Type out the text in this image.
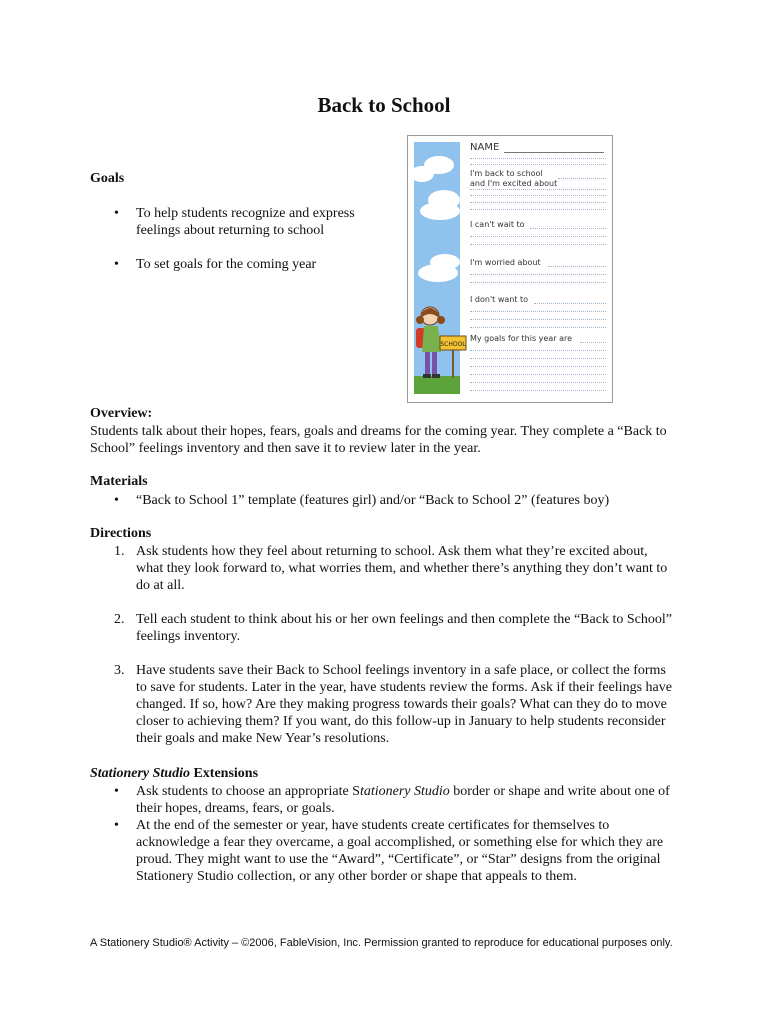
Back to School
Goals
• To help students recognize and express feelings about returning to school
• To set goals for the coming year
SCHOOL
NAME
I'm back to school and I'm excited about
I can't wait to
I'm worried about
I don't want to
My goals for this year are
Overview:
Students talk about their hopes, fears, goals and dreams for the coming year. They complete a “Back to School” feelings inventory and then save it to review later in the year.
Materials
• “Back to School 1” template (features girl) and/or “Back to School 2” (features boy)
Directions
1. Ask students how they feel about returning to school. Ask them what they’re excited about, what they look forward to, what worries them, and whether there’s anything they don’t want to do at all.
2. Tell each student to think about his or her own feelings and then complete the “Back to School” feelings inventory.
3. Have students save their Back to School feelings inventory in a safe place, or collect the forms to save for students. Later in the year, have students review the forms. Ask if their feelings have changed. If so, how? Are they making progress towards their goals? What can they do to move closer to achieving them? If you want, do this follow-up in January to help students reconsider their goals and make New Year’s resolutions.
Stationery Studio Extensions
• Ask students to choose an appropriate Stationery Studio border or shape and write about one of their hopes, dreams, fears, or goals.
• At the end of the semester or year, have students create certificates for themselves to acknowledge a fear they overcame, a goal accomplished, or something else for which they are proud. They might want to use the “Award”, “Certificate”, or “Star” designs from the original Stationery Studio collection, or any other border or shape that appeals to them.
A Stationery Studio® Activity – ©2006, FableVision, Inc. Permission granted to reproduce for educational purposes only.
